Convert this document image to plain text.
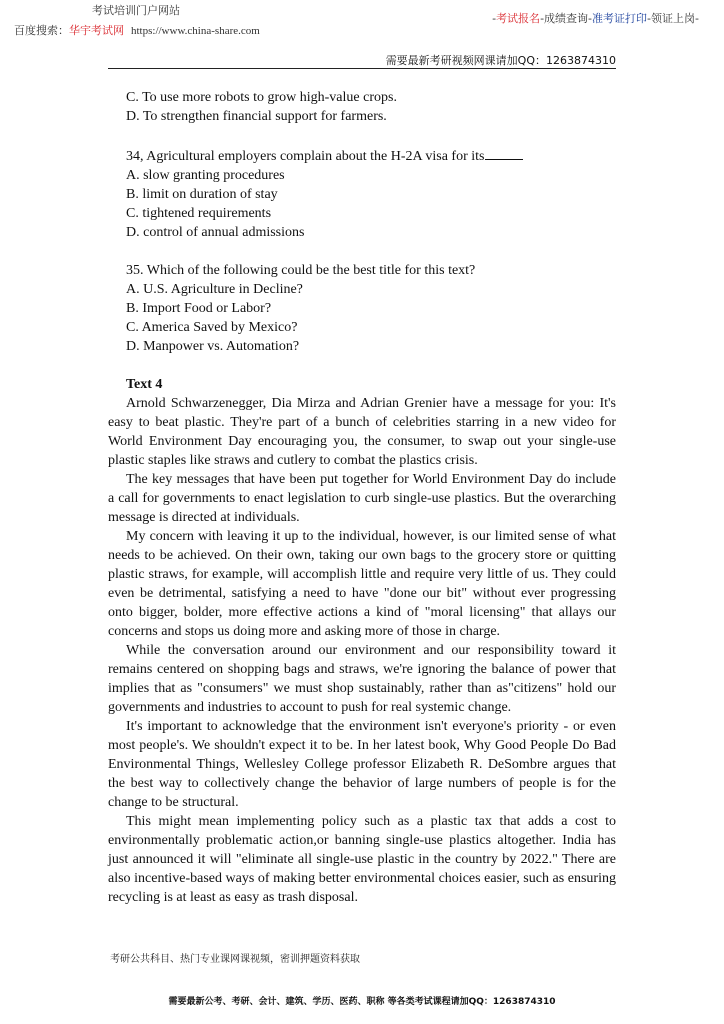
考试培训门户网站
百度搜索：华宇考试网 https://www.china-share.com
-考试报名-成绩查询-准考证打印-领证上岗-
需要最新考研视频网课请加QQ：1263874310
C. To use more robots to grow high-value crops.
D. To strengthen financial support for farmers.
34, Agricultural employers complain about the H-2A visa for its
A. slow granting procedures
B. limit on duration of stay
C. tightened requirements
D. control of annual admissions
35. Which of the following could be the best title for this text?
A. U.S. Agriculture in Decline?
B. Import Food or Labor?
C. America Saved by Mexico?
D. Manpower vs. Automation?
Text 4

Arnold Schwarzenegger, Dia Mirza and Adrian Grenier have a message for you: It's easy to beat plastic. They're part of a bunch of celebrities starring in a new video for World Environment Day encouraging you, the consumer, to swap out your single-use plastic staples like straws and cutlery to combat the plastics crisis.

The key messages that have been put together for World Environment Day do include a call for governments to enact legislation to curb single-use plastics. But the overarching message is directed at individuals.

My concern with leaving it up to the individual, however, is our limited sense of what needs to be achieved. On their own, taking our own bags to the grocery store or quitting plastic straws, for example, will accomplish little and require very little of us. They could even be detrimental, satisfying a need to have "done our bit" without ever progressing onto bigger, bolder, more effective actions a kind of "moral licensing" that allays our concerns and stops us doing more and asking more of those in charge.

While the conversation around our environment and our responsibility toward it remains centered on shopping bags and straws, we're ignoring the balance of power that implies that as "consumers" we must shop sustainably, rather than as"citizens" hold our governments and industries to account to push for real systemic change.

It's important to acknowledge that the environment isn't everyone's priority - or even most people's. We shouldn't expect it to be. In her latest book, Why Good People Do Bad Environmental Things, Wellesley College professor Elizabeth R. DeSombre argues that the best way to collectively change the behavior of large numbers of people is for the change to be structural.

This might mean implementing policy such as a plastic tax that adds a cost to environmentally problematic action,or banning single-use plastics altogether. India has just announced it will "eliminate all single-use plastic in the country by 2022." There are also incentive-based ways of making better environmental choices easier, such as ensuring recycling is at least as easy as trash disposal.

考研公共科目、热门专业课网课视频，密训押题资料获取
需要最新公考、考研、会计、建筑、学历、医药、职称 等各类考试课程请加QQ：1263874310
